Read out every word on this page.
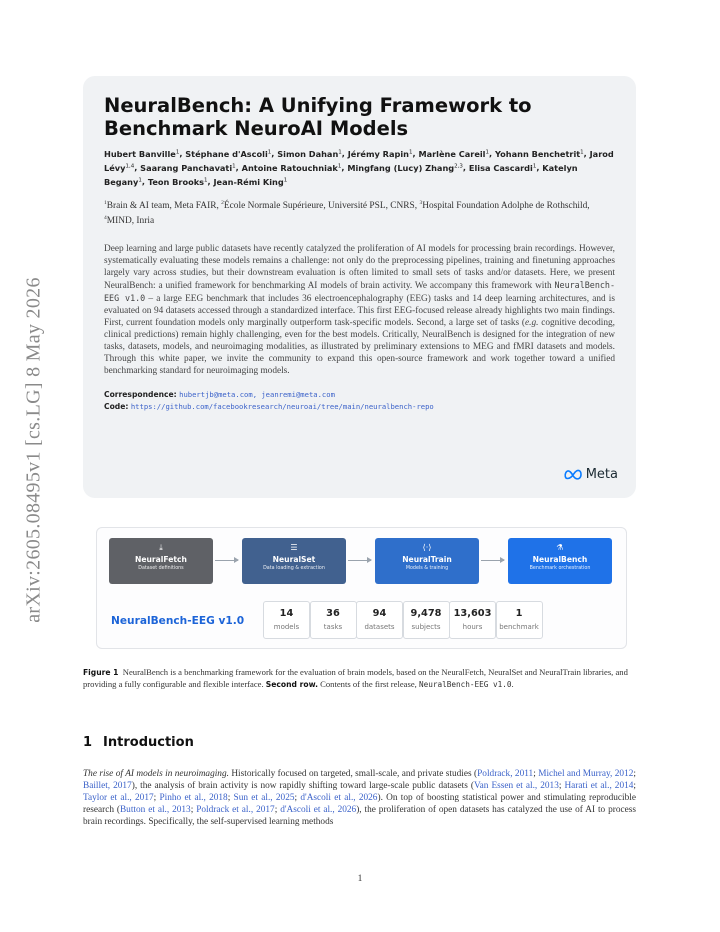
arXiv:2605.08495v1 [cs.LG] 8 May 2026
NeuralBench: A Unifying Framework to Benchmark NeuroAI Models
Hubert Banville$^1$, Stéphane d'Ascoli$^1$, Simon Dahan$^1$, Jérémy Rapin$^1$, Marlène Careil$^1$, Yohann Benchetrit$^1$, Jarod Lévy$^{1,4}$, Saarang Panchavati$^1$, Antoine Ratouchniak$^1$, Mingfang (Lucy) Zhang$^{2,3}$, Elisa Cascardi$^1$, Katelyn Begany$^1$, Teon Brooks$^1$, Jean-Rémi King$^1$
$^1$Brain & AI team, Meta FAIR, $^2$École Normale Supérieure, Université PSL, CNRS, $^3$Hospital Foundation Adolphe de Rothschild, $^4$MIND, Inria
Deep learning and large public datasets have recently catalyzed the proliferation of AI models for processing brain recordings. However, systematically evaluating these models remains a challenge: not only do the preprocessing pipelines, training and finetuning approaches largely vary across studies, but their downstream evaluation is often limited to small sets of tasks and/or datasets. Here, we present NeuralBench: a unified framework for benchmarking AI models of brain activity. We accompany this framework with NeuralBench-EEG v1.0 – a large EEG benchmark that includes 36 electroencephalography (EEG) tasks and 14 deep learning architectures, and is evaluated on 94 datasets accessed through a standardized interface. This first EEG-focused release already highlights two main findings. First, current foundation models only marginally outperform task-specific models. Second, a large set of tasks (e.g. cognitive decoding, clinical predictions) remain highly challenging, even for the best models. Critically, NeuralBench is designed for the integration of new tasks, datasets, models, and neuroimaging modalities, as illustrated by preliminary extensions to MEG and fMRI datasets and models. Through this white paper, we invite the community to expand this open-source framework and work together toward a unified benchmarking standard for neuroimaging models.
Correspondence: hubertjb@meta.com, jeanremi@meta.com
Code: https://github.com/facebookresearch/neuroai/tree/main/neuralbench-repo
Meta
NeuralBench-EEG v1.0
⤓
NeuralFetch
Dataset definitions
☰
NeuralSet
Data loading & extraction
⟨·⟩
NeuralTrain
Models & training
⚗
NeuralBench
Benchmark orchestration
14
models
36
tasks
94
datasets
9,478
subjects
13,603
hours
1
benchmark
Figure 1 NeuralBench is a benchmarking framework for the evaluation of brain models, based on the NeuralFetch, NeuralSet and NeuralTrain libraries, and providing a fully configurable and flexible interface. Second row. Contents of the first release, NeuralBench-EEG v1.0.
1 Introduction
The rise of AI models in neuroimaging. Historically focused on targeted, small-scale, and private studies (Poldrack, 2011; Michel and Murray, 2012; Baillet, 2017), the analysis of brain activity is now rapidly shifting toward large-scale public datasets (Van Essen et al., 2013; Harati et al., 2014; Taylor et al., 2017; Pinho et al., 2018; Sun et al., 2025; d'Ascoli et al., 2026). On top of boosting statistical power and stimulating reproducible research (Button et al., 2013; Poldrack et al., 2017; d'Ascoli et al., 2026), the proliferation of open datasets has catalyzed the use of AI to process brain recordings. Specifically, the self-supervised learning methods
1
